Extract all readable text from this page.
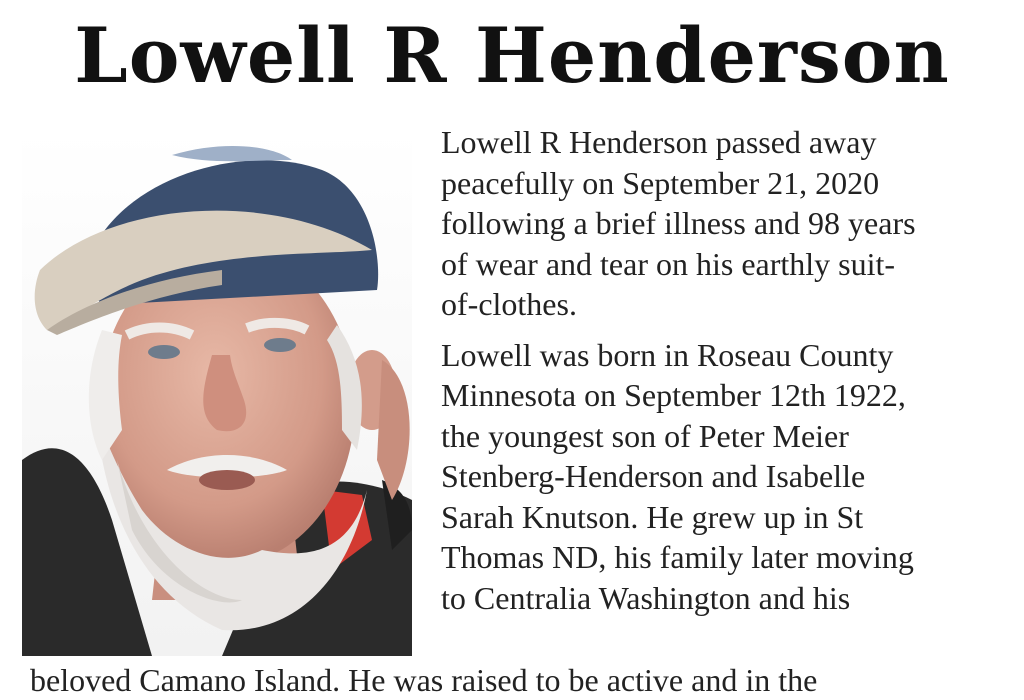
Lowell R Henderson

Lowell R Henderson passed away
peacefully on September 21, 2020
following a brief illness and 98 years
of wear and tear on his earthly suit-
of-clothes.

Lowell was born in Roseau County
Minnesota on September 12th 1922,
the youngest son of Peter Meier
Stenberg-Henderson and Isabelle
Sarah Knutson. He grew up in St
Thomas ND, his family later moving
to Centralia Washington and his

beloved Camano Island. He was raised to be active and in the
